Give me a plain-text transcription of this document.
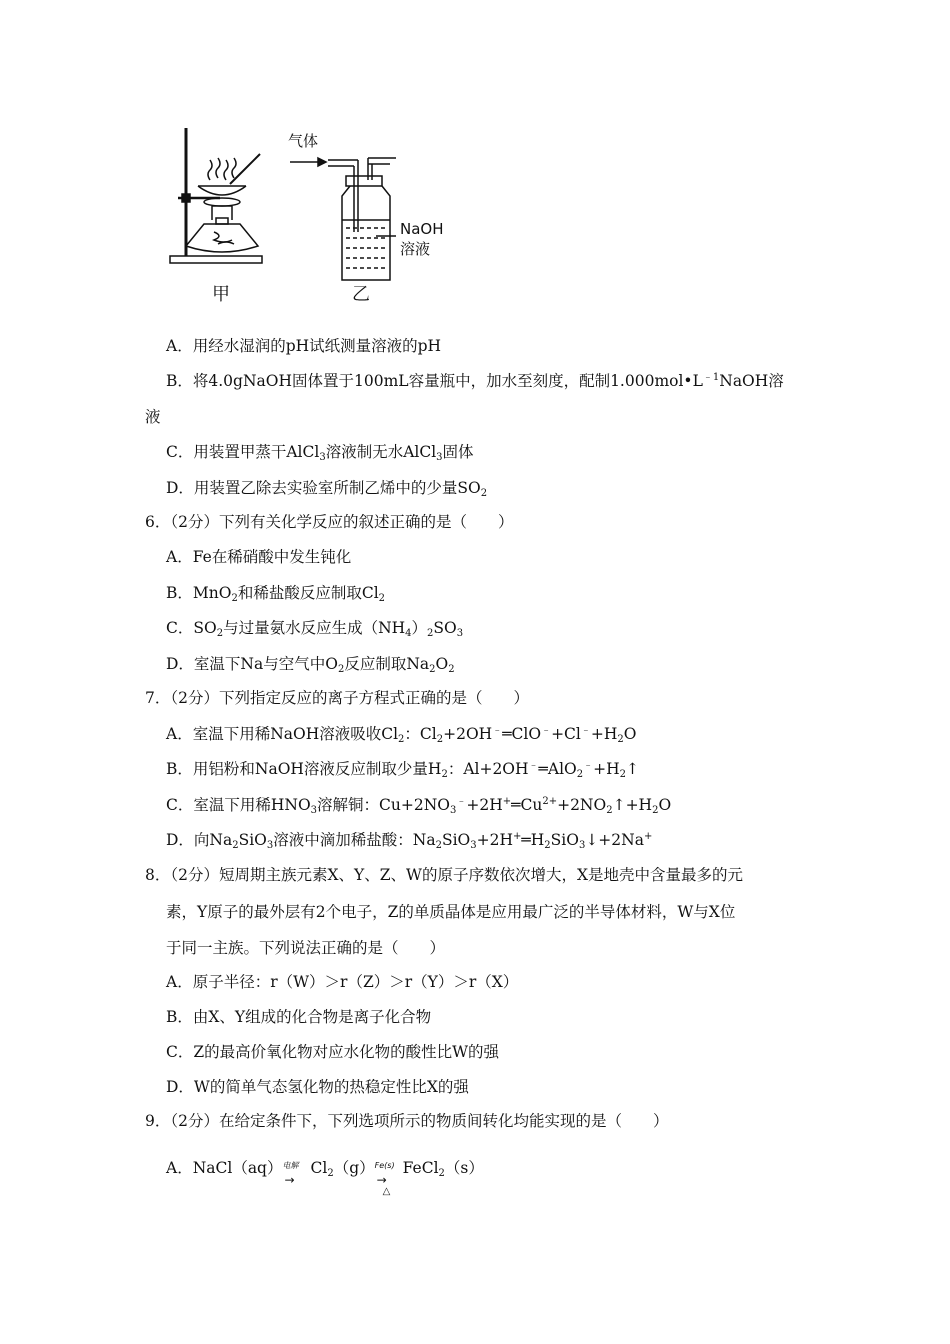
气体
NaOH
溶液
甲	乙
A．用经水湿润的pH试纸测量溶液的pH
B．将4.0gNaOH固体置于100mL容量瓶中，加水至刻度，配制$1.000mol•L^{﹣1}NaOH$溶
液
C．用装置甲蒸干AlCl$_3$溶液制无水AlCl$_3$固体
D．用装置乙除去实验室所制乙烯中的少量$SO_2$
6．（2分）下列有关化学反应的叙述正确的是（　　）
A．Fe在稀硝酸中发生钝化
B．MnO$_2$和稀盐酸反应制取$Cl_2$
C．$SO_2$与过量氨水反应生成$(NH_4)_2SO_3$
D．室温下Na与空气中$O_2$反应制取$Na_2O_2$
7．（2分）下列指定反应的离子方程式正确的是（　　）
A．室温下用稀NaOH溶液吸收$Cl_2$：$Cl_2+2OH^﹣═ClO^﹣+Cl^﹣+H_2O$
B．用铝粉和NaOH溶液反应制取少量$H_2$：$Al+2OH^﹣═AlO_2^﹣+H_2↑$
C．室温下用稀$HNO_3$溶解铜：$Cu+2NO_3^﹣+2H^+═Cu^{2+}+2NO_2↑+H_2O$
D．向$Na_2SiO_3$溶液中滴加稀盐酸：$Na_2SiO_3+2H^+═H_2SiO_3↓+2Na^+$
8．（2分）短周期主族元素X、Y、Z、W的原子序数依次增大，X是地壳中含量最多的元
素，Y原子的最外层有2个电子，Z的单质晶体是应用最广泛的半导体材料，W与X位
于同一主族。下列说法正确的是（　　）
A．原子半径：r（W）＞r（Z）＞r（Y）＞r（X）
B．由X、Y组成的化合物是离子化合物
C．Z的最高价氧化物对应水化物的酸性比W的强
D．W的简单气态氢化物的热稳定性比X的强
9．（2分）在给定条件下，下列选项所示的物质间转化均能实现的是（　　）
A．NaCl（aq） 电解
→
$Cl_2(g)$ Fe(s)
→
△
FeCl$_2$（s）
